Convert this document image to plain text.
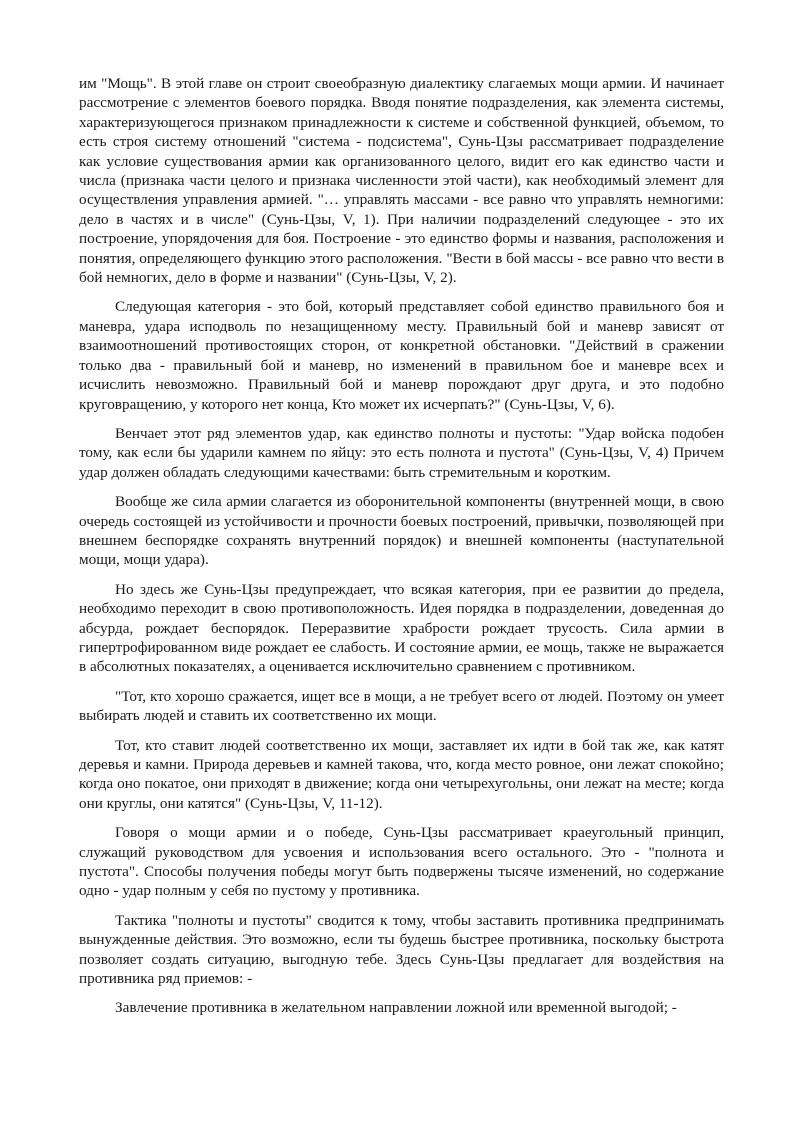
им "Мощь". В этой главе он строит своеобразную диалектику слагаемых мощи армии. И начинает рассмотрение с элементов боевого порядка. Вводя понятие подразделения, как элемента системы, характеризующегося признаком принадлежности к системе и собственной функцией, объемом, то есть строя систему отношений "система - подсистема", Сунь-Цзы рассматривает подразделение как условие существования армии как организованного целого, видит его как единство части и числа (признака части целого и признака численности этой части), как необходимый элемент для осуществления управления армией. "… управлять массами - все равно что управлять немногими: дело в частях и в числе" (Сунь-Цзы, V, 1). При наличии подразделений следующее - это их построение, упорядочения для боя. Построение - это единство формы и названия, расположения и понятия, определяющего функцию этого расположения. "Вести в бой массы - все равно что вести в бой немногих, дело в форме и названии" (Сунь-Цзы, V, 2).

Следующая категория - это бой, который представляет собой единство правильного боя и маневра, удара исподволь по незащищенному месту. Правильный бой и маневр зависят от взаимоотношений противостоящих сторон, от конкретной обстановки. "Действий в сражении только два - правильный бой и маневр, но изменений в правильном бое и маневре всех и исчислить невозможно. Правильный бой и маневр порождают друг друга, и это подобно круговращению, у которого нет конца, Кто может их исчерпать?" (Сунь-Цзы, V, 6).

Венчает этот ряд элементов удар, как единство полноты и пустоты: "Удар войска подобен тому, как если бы ударили камнем по яйцу: это есть полнота и пустота" (Сунь-Цзы, V, 4) Причем удар должен обладать следующими качествами: быть стремительным и коротким.

Вообще же сила армии слагается из оборонительной компоненты (внутренней мощи, в свою очередь состоящей из устойчивости и прочности боевых построений, привычки, позволяющей при внешнем беспорядке сохранять внутренний порядок) и внешней компоненты (наступательной мощи, мощи удара).

Но здесь же Сунь-Цзы предупреждает, что всякая категория, при ее развитии до предела, необходимо переходит в свою противоположность. Идея порядка в подразделении, доведенная до абсурда, рождает беспорядок. Переразвитие храбрости рождает трусость. Сила армии в гипертрофированном виде рождает ее слабость. И состояние армии, ее мощь, также не выражается в абсолютных показателях, а оценивается исключительно сравнением с противником.

"Тот, кто хорошо сражается, ищет все в мощи, а не требует всего от людей. Поэтому он умеет выбирать людей и ставить их соответственно их мощи.

Тот, кто ставит людей соответственно их мощи, заставляет их идти в бой так же, как катят деревья и камни. Природа деревьев и камней такова, что, когда место ровное, они лежат спокойно; когда оно покатое, они приходят в движение; когда они четырехугольны, они лежат на месте; когда они круглы, они катятся" (Сунь-Цзы, V, 11-12).

Говоря о мощи армии и о победе, Сунь-Цзы рассматривает краеугольный принцип, служащий руководством для усвоения и использования всего остального. Это - "полнота и пустота". Способы получения победы могут быть подвержены тысяче изменений, но содержание одно - удар полным у себя по пустому у противника.

Тактика "полноты и пустоты" сводится к тому, чтобы заставить противника предпринимать вынужденные действия. Это возможно, если ты будешь быстрее противника, поскольку быстрота позволяет создать ситуацию, выгодную тебе. Здесь Сунь-Цзы предлагает для воздействия на противника ряд приемов: -

Завлечение противника в желательном направлении ложной или временной выгодой; -
